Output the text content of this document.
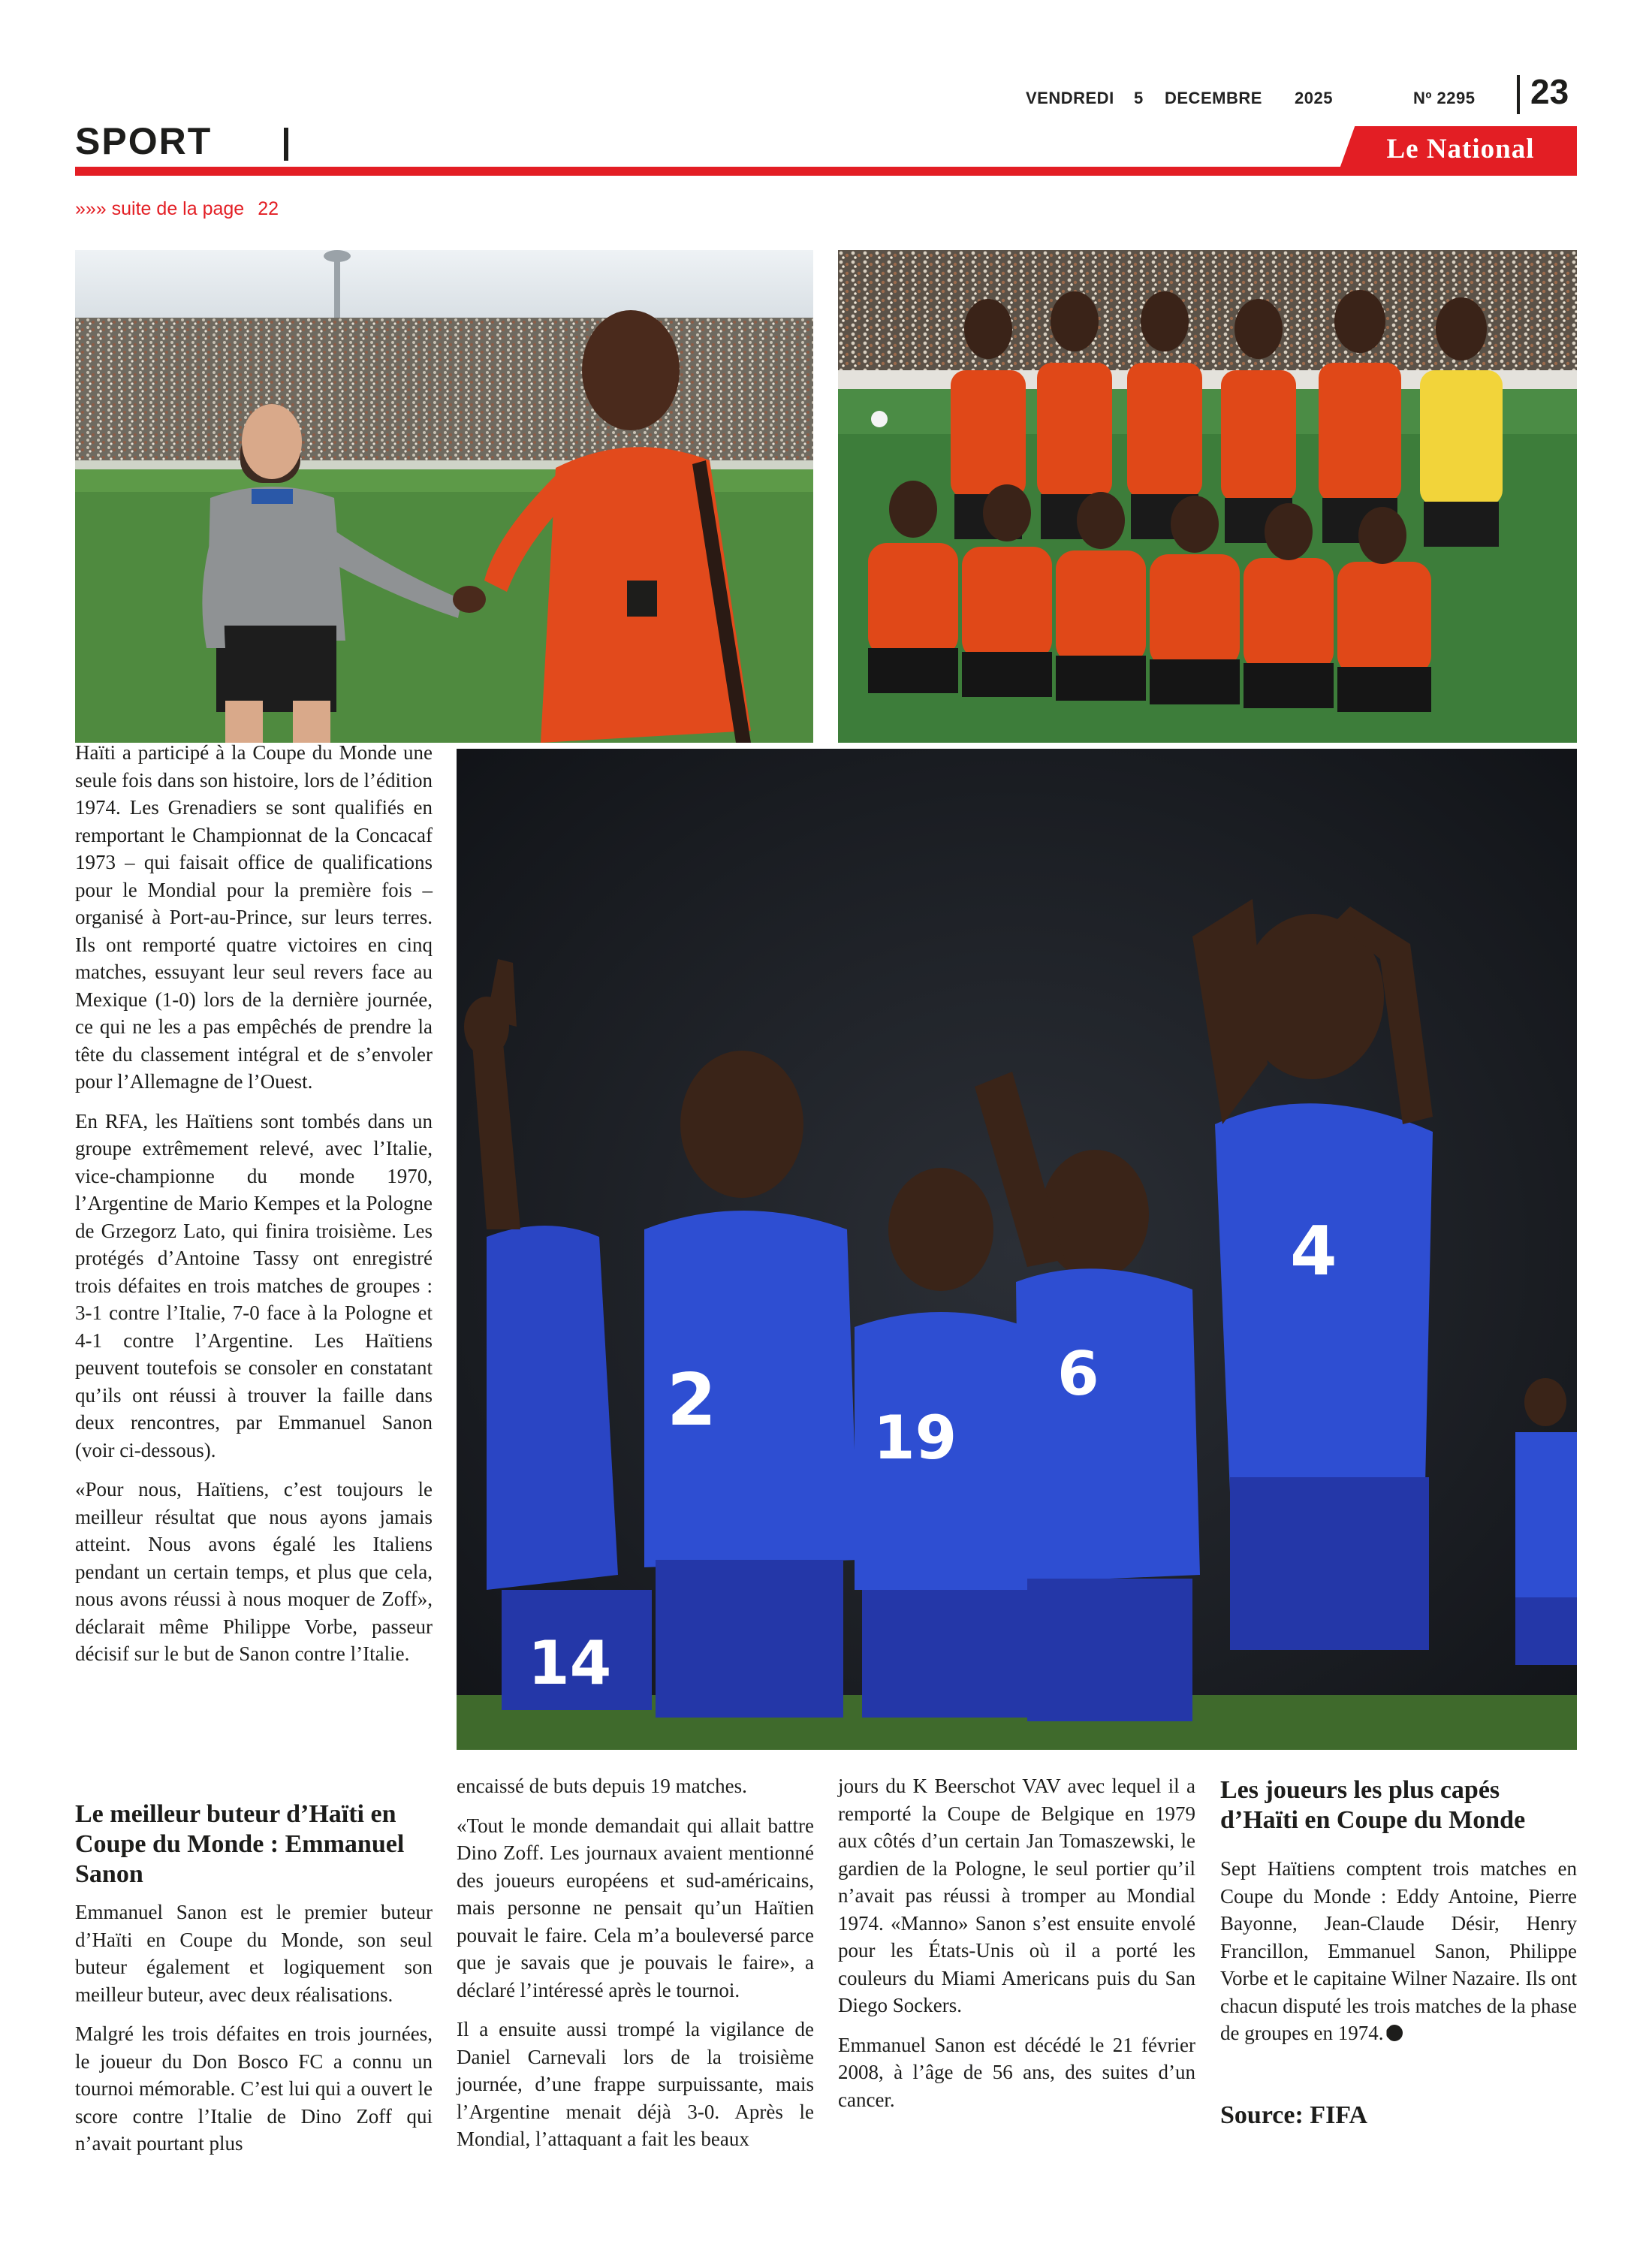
VENDREDI 5 DECEMBRE 2025	Nº 2295 23
SPORT	Le National
»»» suite de la page 22
2	19
6
4
14

Haïti a participé à la Coupe du Monde une seule fois dans son histoire, lors de l’édition 1974. Les Grenadiers se sont qualifiés en remportant le Championnat de la Concacaf 1973 – qui faisait office de qualifications pour le Mondial pour la première fois – organisé à Port-au-Prince, sur leurs terres. Ils ont remporté quatre victoires en cinq matches, essuyant leur seul revers face au Mexique (1-0) lors de la dernière journée, ce qui ne les a pas empêchés de prendre la tête du classement intégral et de s’envoler pour l’Allemagne de l’Ouest.

En RFA, les Haïtiens sont tombés dans un groupe extrêmement relevé, avec l’Italie, vice-championne du monde 1970, l’Argentine de Mario Kempes et la Pologne de Grzegorz Lato, qui finira troisième. Les protégés d’Antoine Tassy ont enregistré trois défaites en trois matches de groupes : 3-1 contre l’Italie, 7-0 face à la Pologne et 4-1 contre l’Argentine. Les Haïtiens peuvent toutefois se consoler en constatant qu’ils ont réussi à trouver la faille dans deux rencontres, par Emmanuel Sanon (voir ci-dessous).

«Pour nous, Haïtiens, c’est toujours le meilleur résultat que nous ayons jamais atteint. Nous avons égalé les Italiens pendant un certain temps, et plus que cela, nous avons réussi à nous moquer de Zoff», déclarait même Philippe Vorbe, passeur décisif sur le but de Sanon contre l’Italie.

Le meilleur buteur d’Haïti en Coupe du Monde : Emmanuel Sanon

Emmanuel Sanon est le premier buteur d’Haïti en Coupe du Monde, son seul buteur également et logiquement son meilleur buteur, avec deux réalisations.

Malgré les trois défaites en trois journées, le joueur du Don Bosco FC a connu un tournoi mémorable. C’est lui qui a ouvert le score contre l’Italie de Dino Zoff qui n’avait pourtant plus

encaissé de buts depuis 19 matches.

«Tout le monde demandait qui allait battre Dino Zoff. Les journaux avaient mentionné des joueurs européens et sud-américains, mais personne ne pensait qu’un Haïtien pouvait le faire. Cela m’a bouleversé parce que je savais que je pouvais le faire», a déclaré l’intéressé après le tournoi.

Il a ensuite aussi trompé la vigilance de Daniel Carnevali lors de la troisième journée, d’une frappe surpuissante, mais l’Argentine menait déjà 3-0. Après le Mondial, l’attaquant a fait les beaux

jours du K Beerschot VAV avec lequel il a remporté la Coupe de Belgique en 1979 aux côtés d’un certain Jan Tomaszewski, le gardien de la Pologne, le seul portier qu’il n’avait pas réussi à tromper au Mondial 1974. «Manno» Sanon s’est ensuite envolé pour les États-Unis où il a porté les couleurs du Miami Americans puis du San Diego Sockers.

Emmanuel Sanon est décédé le 21 février 2008, à l’âge de 56 ans, des suites d’un cancer.

Les joueurs les plus capés d’Haïti en Coupe du Monde

Sept Haïtiens comptent trois matches en Coupe du Monde : Eddy Antoine, Pierre Bayonne, Jean-Claude Désir, Henry Francillon, Emmanuel Sanon, Philippe Vorbe et le capitaine Wilner Nazaire. Ils ont chacun disputé les trois matches de la phase de groupes en 1974.

Source: FIFA
